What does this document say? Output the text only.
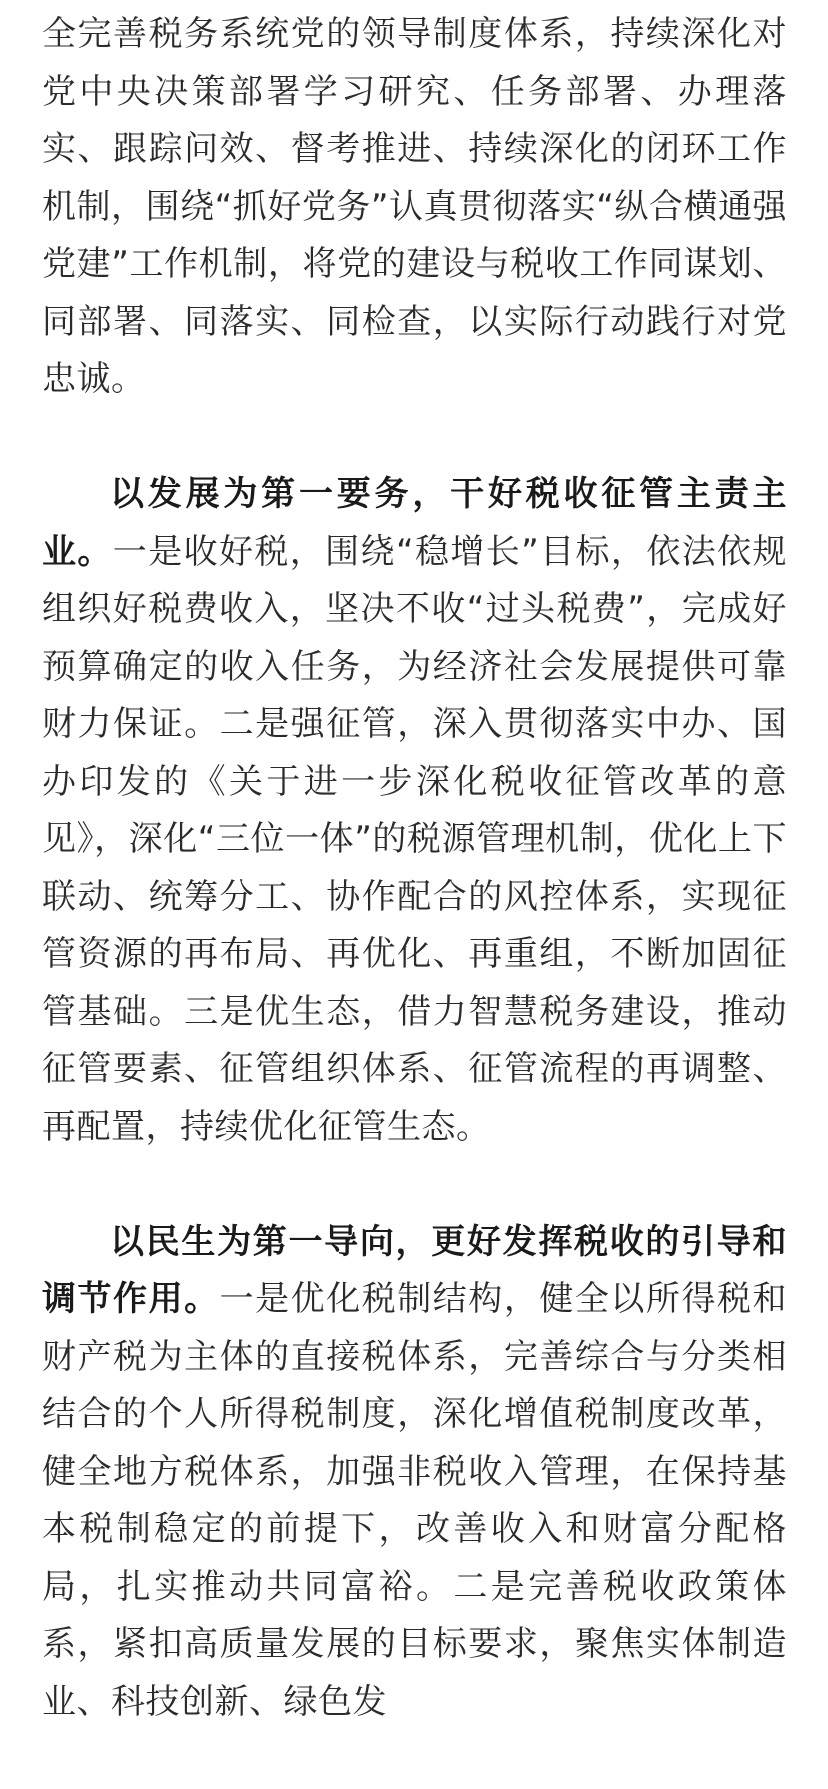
全完善税务系统党的领导制度体系，持续深化对党中央决策部署学习研究、任务部署、办理落实、跟踪问效、督考推进、持续深化的闭环工作机制，围绕“抓好党务”认真贯彻落实“纵合横通强党建”工作机制，将党的建设与税收工作同谋划、同部署、同落实、同检查，以实际行动践行对党忠诚。

以发展为第一要务，干好税收征管主责主业。一是收好税，围绕“稳增长”目标，依法依规组织好税费收入，坚决不收“过头税费”，完成好预算确定的收入任务，为经济社会发展提供可靠财力保证。二是强征管，深入贯彻落实中办、国办印发的《关于进一步深化税收征管改革的意见》，深化“三位一体”的税源管理机制，优化上下联动、统筹分工、协作配合的风控体系，实现征管资源的再布局、再优化、再重组，不断加固征管基础。三是优生态，借力智慧税务建设，推动征管要素、征管组织体系、征管流程的再调整、再配置，持续优化征管生态。

以民生为第一导向，更好发挥税收的引导和调节作用。一是优化税制结构，健全以所得税和财产税为主体的直接税体系，完善综合与分类相结合的个人所得税制度，深化增值税制度改革，健全地方税体系，加强非税收入管理，在保持基本税制稳定的前提下，改善收入和财富分配格局，扎实推动共同富裕。二是完善税收政策体系，紧扣高质量发展的目标要求，聚焦实体制造业、科技创新、绿色发
